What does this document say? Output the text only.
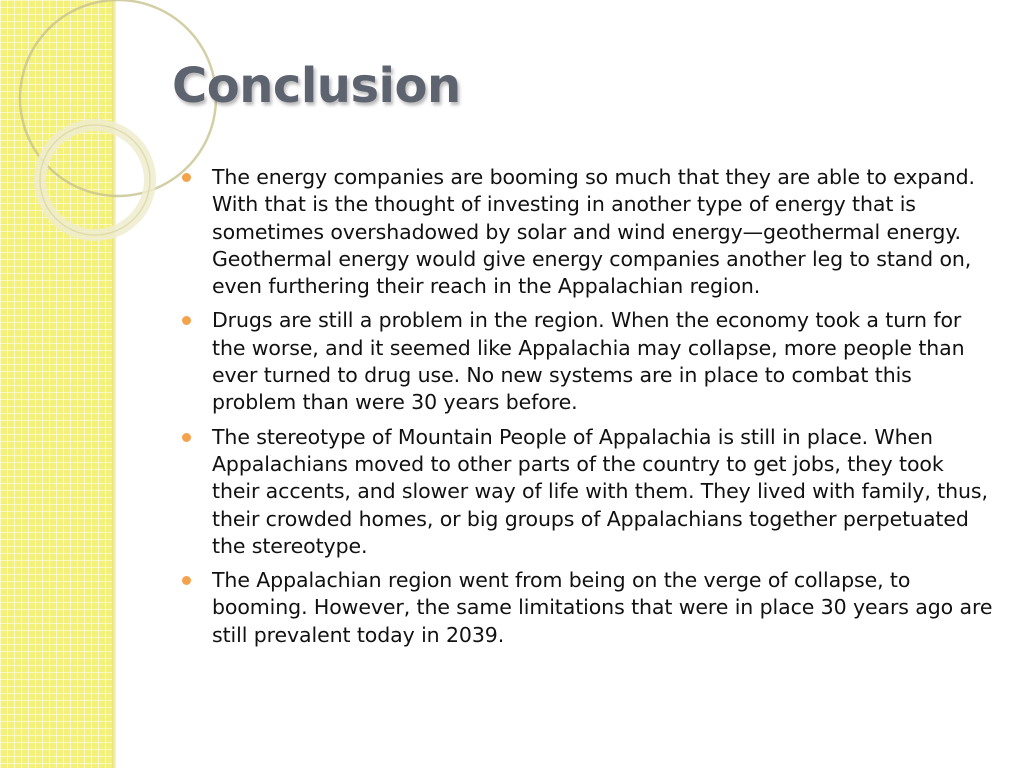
Conclusion
The energy companies are booming so much that they are able to expand. With that is the thought of investing in another type of energy that is sometimes overshadowed by solar and wind energy—geothermal energy. Geothermal energy would give energy companies another leg to stand on, even furthering their reach in the Appalachian region.
Drugs are still a problem in the region. When the economy took a turn for the worse, and it seemed like Appalachia may collapse, more people than ever turned to drug use. No new systems are in place to combat this problem than were 30 years before.
The stereotype of Mountain People of Appalachia is still in place. When Appalachians moved to other parts of the country to get jobs, they took their accents, and slower way of life with them. They lived with family, thus, their crowded homes, or big groups of Appalachians together perpetuated the stereotype.
The Appalachian region went from being on the verge of collapse, to booming. However, the same limitations that were in place 30 years ago are still prevalent today in 2039.
